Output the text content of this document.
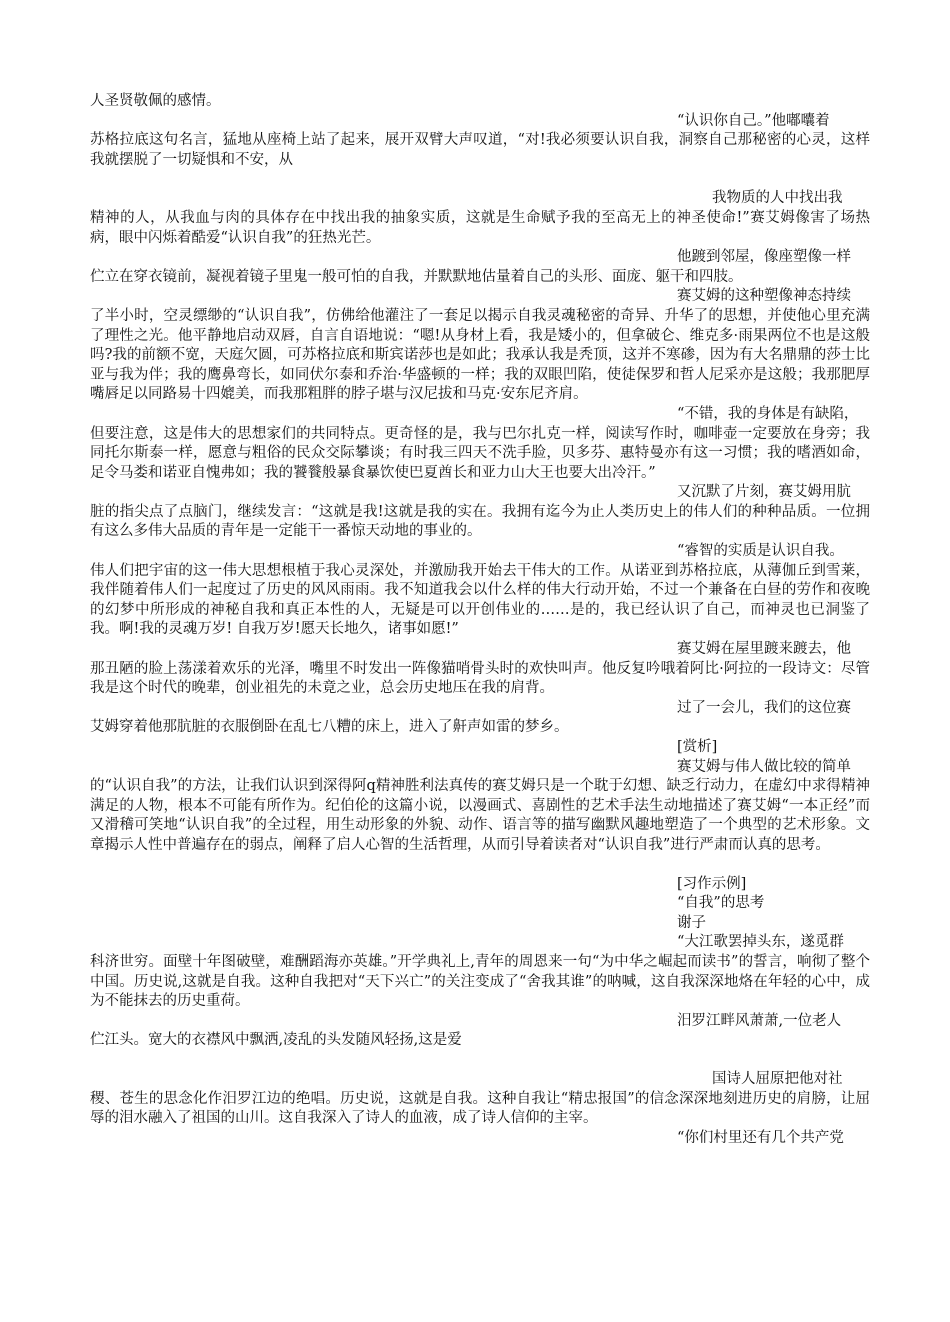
人圣贤敬佩的感情。
“认识你自己。”他嘟囔着
苏格拉底这句名言，猛地从座椅上站了起来，展开双臂大声叹道，“对!我必须要认识自我，洞察自己那秘密的心灵，这样我就摆脱了一切疑惧和不安，从
我物质的人中找出我
精神的人，从我血与肉的具体存在中找出我的抽象实质，这就是生命赋予我的至高无上的神圣使命!”赛艾姆像害了场热病，眼中闪烁着酷爱“认识自我”的狂热光芒。
他踱到邻屋，像座塑像一样
伫立在穿衣镜前，凝视着镜子里鬼一般可怕的自我，并默默地估量着自己的头形、面庞、躯干和四肢。
赛艾姆的这种塑像神态持续
了半小时，空灵缥缈的“认识自我”，仿佛给他灌注了一套足以揭示自我灵魂秘密的奇异、升华了的思想，并使他心里充满了理性之光。他平静地启动双唇，自言自语地说：“嗯!从身材上看，我是矮小的，但拿破仑、维克多·雨果两位不也是这般吗?我的前额不宽，天庭欠圆，可苏格拉底和斯宾诺莎也是如此；我承认我是秃顶，这并不寒碜，因为有大名鼎鼎的莎士比亚与我为伴；我的鹰鼻弯长，如同伏尔泰和乔治·华盛顿的一样；我的双眼凹陷，使徒保罗和哲人尼采亦是这般；我那肥厚嘴唇足以同路易十四媲美，而我那粗胖的脖子堪与汉尼拔和马克·安东尼齐肩。
“不错，我的身体是有缺陷，
但要注意，这是伟大的思想家们的共同特点。更奇怪的是，我与巴尔扎克一样，阅读写作时，咖啡壶一定要放在身旁；我同托尔斯泰一样，愿意与粗俗的民众交际攀谈；有时我三四天不洗手脸，贝多芬、惠特曼亦有这一习惯；我的嗜酒如命，足令马娄和诺亚自愧弗如；我的饕餮般暴食暴饮使巴夏酋长和亚力山大王也要大出冷汗。”
又沉默了片刻，赛艾姆用肮
脏的指尖点了点脑门，继续发言：“这就是我!这就是我的实在。我拥有迄今为止人类历史上的伟人们的种种品质。一位拥有这么多伟大品质的青年是一定能干一番惊天动地的事业的。
“睿智的实质是认识自我。
伟人们把宇宙的这一伟大思想根植于我心灵深处，并激励我开始去干伟大的工作。从诺亚到苏格拉底，从薄伽丘到雪莱，我伴随着伟人们一起度过了历史的风风雨雨。我不知道我会以什么样的伟大行动开始，不过一个兼备在白昼的劳作和夜晚的幻梦中所形成的神秘自我和真正本性的人，无疑是可以开创伟业的……是的，我已经认识了自己，而神灵也已洞鉴了我。啊!我的灵魂万岁! 自我万岁!愿天长地久，诸事如愿!”
赛艾姆在屋里踱来踱去，他
那丑陋的脸上荡漾着欢乐的光泽，嘴里不时发出一阵像猫哨骨头时的欢快叫声。他反复吟哦着阿比·阿拉的一段诗文：尽管我是这个时代的晚辈，创业祖先的未竟之业，总会历史地压在我的肩背。
过了一会儿，我们的这位赛
艾姆穿着他那肮脏的衣服倒卧在乱七八糟的床上，进入了鼾声如雷的梦乡。
[赏析]
赛艾姆与伟人做比较的简单
的“认识自我”的方法，让我们认识到深得阿q精神胜利法真传的赛艾姆只是一个耽于幻想、缺乏行动力，在虚幻中求得精神满足的人物，根本不可能有所作为。纪伯伦的这篇小说，以漫画式、喜剧性的艺术手法生动地描述了赛艾姆“一本正经”而又滑稽可笑地“认识自我”的全过程，用生动形象的外貌、动作、语言等的描写幽默风趣地塑造了一个典型的艺术形象。文章揭示人性中普遍存在的弱点，阐释了启人心智的生活哲理，从而引导着读者对“认识自我”进行严肃而认真的思考。
[习作示例]
“自我”的思考
谢子
“大江歌罢掉头东，遂觅群
科济世穷。面壁十年图破壁，难酬蹈海亦英雄。”开学典礼上,青年的周恩来一句“为中华之崛起而读书”的誓言，响彻了整个中国。历史说,这就是自我。这种自我把对“天下兴亡”的关注变成了“舍我其谁”的呐喊，这自我深深地烙在年轻的心中，成为不能抹去的历史重荷。
汨罗江畔风萧萧,一位老人
伫江头。宽大的衣襟风中飘洒,凌乱的头发随风轻扬,这是爱
国诗人屈原把他对社
稷、苍生的思念化作汨罗江边的绝唱。历史说，这就是自我。这种自我让“精忠报国”的信念深深地刻进历史的肩膀，让屈辱的泪水融入了祖国的山川。这自我深入了诗人的血液，成了诗人信仰的主宰。
“你们村里还有几个共产党
